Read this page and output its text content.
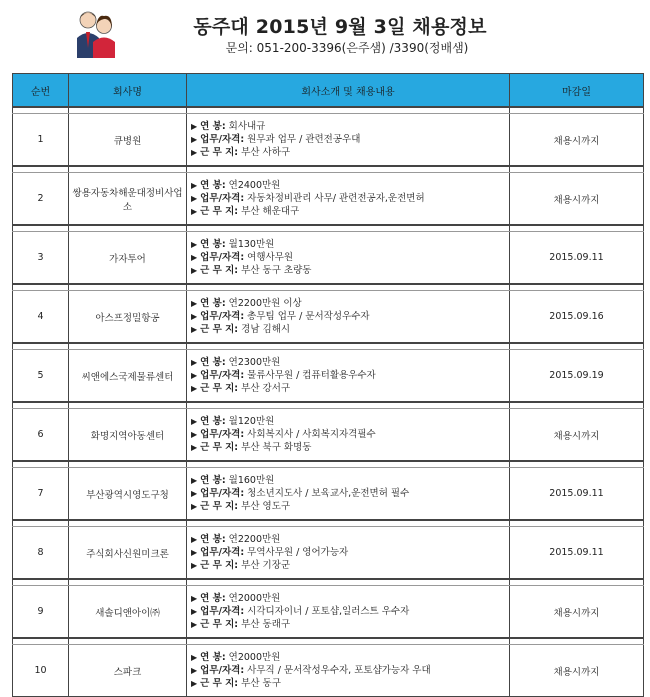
동주대 2015년 9월 3일 채용정보
문의: 051-200-3396(은주샘) /3390(정배샘)
순번	회사명	회사소개 및 채용내용	마감일

1	큐병원	▶ 연 봉: 회사내규
▶ 업무/자격: 원무과 업무 / 관련전공우대
▶ 근 무 지: 부산 사하구	채용시까지

2	쌍용자동차해운대정비사업소	▶ 연 봉: 연2400만원
▶ 업무/자격: 자동차정비관리 사무/ 관련전공자,운전면허
▶ 근 무 지: 부산 해운대구	채용시까지

3	가자투어	▶ 연 봉: 월130만원
▶ 업무/자격: 여행사무원
▶ 근 무 지: 부산 동구 초량동	2015.09.11

4	아스프정밀항공	▶ 연 봉: 연2200만원 이상
▶ 업무/자격: 총무팀 업무 / 문서작성우수자
▶ 근 무 지: 경남 김해시	2015.09.16

5	씨앤에스국제물류센터	▶ 연 봉: 연2300만원
▶ 업무/자격: 물류사무원 / 컴퓨터활용우수자
▶ 근 무 지: 부산 강서구	2015.09.19

6	화명지역아동센터	▶ 연 봉: 월120만원
▶ 업무/자격: 사회복지사 / 사회복지자격필수
▶ 근 무 지: 부산 북구 화명동	채용시까지

7	부산광역시영도구청	▶ 연 봉: 월160만원
▶ 업무/자격: 청소년지도사 / 보육교사,운전면허 필수
▶ 근 무 지: 부산 영도구	2015.09.11

8	주식회사신원미크론	▶ 연 봉: 연2200만원
▶ 업무/자격: 무역사무원 / 영어가능자
▶ 근 무 지: 부산 기장군	2015.09.11

9	새솔디앤아이㈜	▶ 연 봉: 연2000만원
▶ 업무/자격: 시각디자이너 / 포토샵,일러스트 우수자
▶ 근 무 지: 부산 동래구	채용시까지

10	스파크	▶ 연 봉: 연2000만원
▶ 업무/자격: 사무직 / 문서작성우수자, 포토샵가능자 우대
▶ 근 무 지: 부산 동구	채용시까지
